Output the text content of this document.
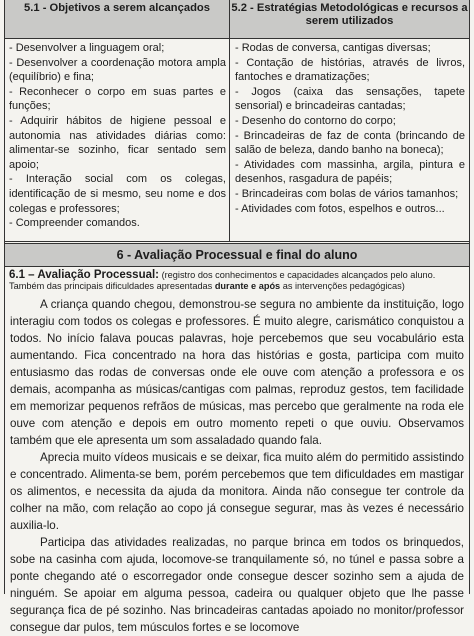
5.1 - Objetivos a serem alcançados	5.2 - Estratégias Metodológicas e recursos a serem utilizados

- Desenvolver a linguagem oral;

- Desenvolver a coordenação motora ampla (equilíbrio) e fina;

- Reconhecer o corpo em suas partes e funções;

- Adquirir hábitos de higiene pessoal e autonomia nas atividades diárias como: alimentar-se sozinho, ficar sentado sem apoio;

- Interação social com os colegas, identificação de si mesmo, seu nome e dos colegas e professores;

- Compreender comandos.

- Rodas de conversa, cantigas diversas;

- Contação de histórias, através de livros, fantoches e dramatizações;

- Jogos (caixa das sensações, tapete sensorial) e brincadeiras cantadas;

- Desenho do contorno do corpo;

- Brincadeiras de faz de conta (brincando de salão de beleza, dando banho na boneca);

- Atividades com massinha, argila, pintura e desenhos, rasgadura de papéis;

- Brincadeiras com bolas de vários tamanhos;

- Atividades com fotos, espelhos e outros...

6 - Avaliação Processual e final do aluno
6.1 – Avaliação Processual: (registro dos conhecimentos e capacidades alcançados pelo aluno. Também das principais dificuldades apresentadas durante e após as intervenções pedagógicas)

A criança quando chegou, demonstrou-se segura no ambiente da instituição, logo interagiu com todos os colegas e professores. É muito alegre, carismático conquistou a todos. No início falava poucas palavras, hoje percebemos que seu vocabulário esta aumentando. Fica concentrado na hora das histórias e gosta, participa com muito entusiasmo das rodas de conversas onde ele ouve com atenção a professora e os demais, acompanha as músicas/cantigas com palmas, reproduz gestos, tem facilidade em memorizar pequenos refrãos de músicas, mas percebo que geralmente na roda ele ouve com atenção e depois em outro momento repeti o que ouviu. Observamos também que ele apresenta um som assaladado quando fala.

Aprecia muito vídeos musicais e se deixar, fica muito além do permitido assistindo e concentrado. Alimenta-se bem, porém percebemos que tem dificuldades em mastigar os alimentos, e necessita da ajuda da monitora. Ainda não consegue ter controle da colher na mão, com relação ao copo já consegue segurar, mas às vezes é necessário auxilia-lo.

Participa das atividades realizadas, no parque brinca em todos os brinquedos, sobe na casinha com ajuda, locomove-se tranquilamente só, no túnel e passa sobre a ponte chegando até o escorregador onde consegue descer sozinho sem a ajuda de ninguém. Se apoiar em alguma pessoa, cadeira ou qualquer objeto que lhe passe segurança fica de pé sozinho. Nas brincadeiras cantadas apoiado no monitor/professor consegue dar pulos, tem músculos fortes e se locomove
